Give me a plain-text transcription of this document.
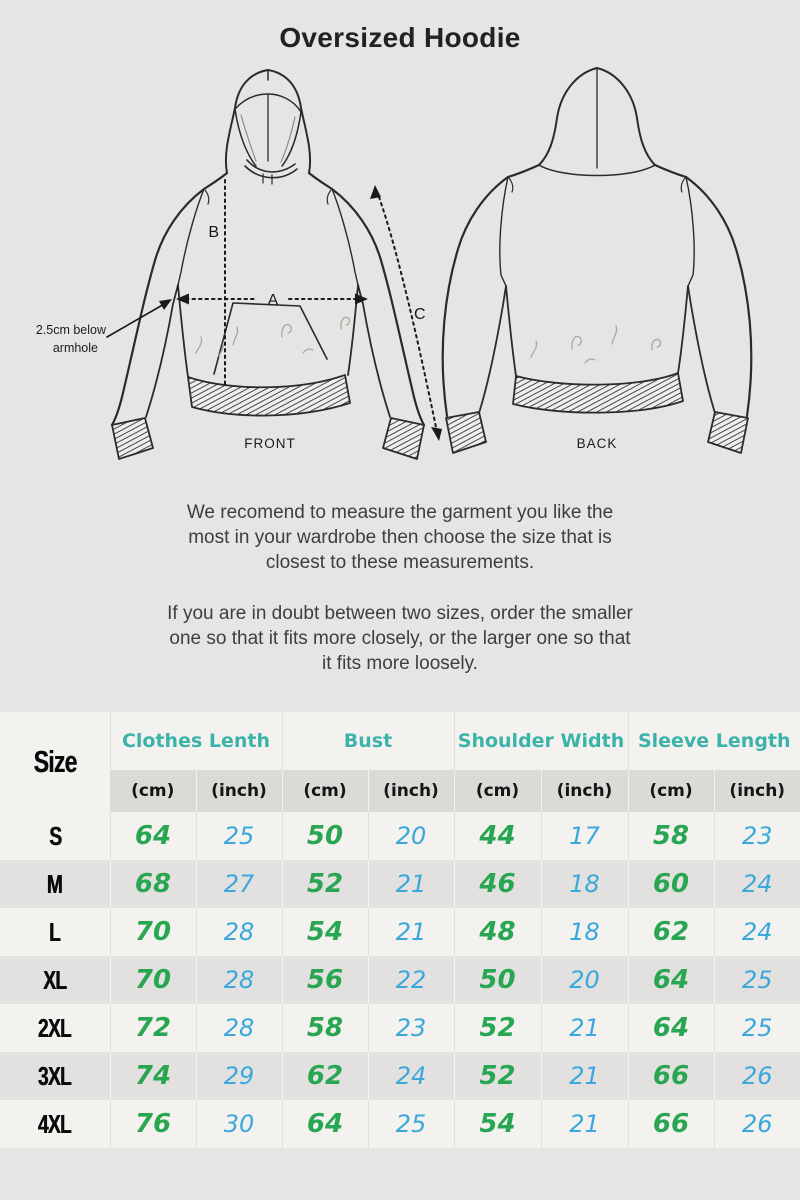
Oversized Hoodie
A
B
C
2.5cm below
armhole
FRONT	BACK

We recomend to measure the garment you like the most in your wardrobe then choose the size that is closest to these measurements.

If you are in doubt between two sizes, order the smaller one so that it fits more closely, or the larger one so that it fits more loosely.

Size	Clothes Lenth		Bust		Shoulder Width		Sleeve Length	
	(cm)	(inch)	(cm)	(inch)	(cm)	(inch)	(cm)	(inch)
S	64	25	50	20	44	17	58	23
M	68	27	52	21	46	18	60	24
L	70	28	54	21	48	18	62	24
XL	70	28	56	22	50	20	64	25
2XL	72	28	58	23	52	21	64	25
3XL	74	29	62	24	52	21	66	26
4XL	76	30	64	25	54	21	66	26
